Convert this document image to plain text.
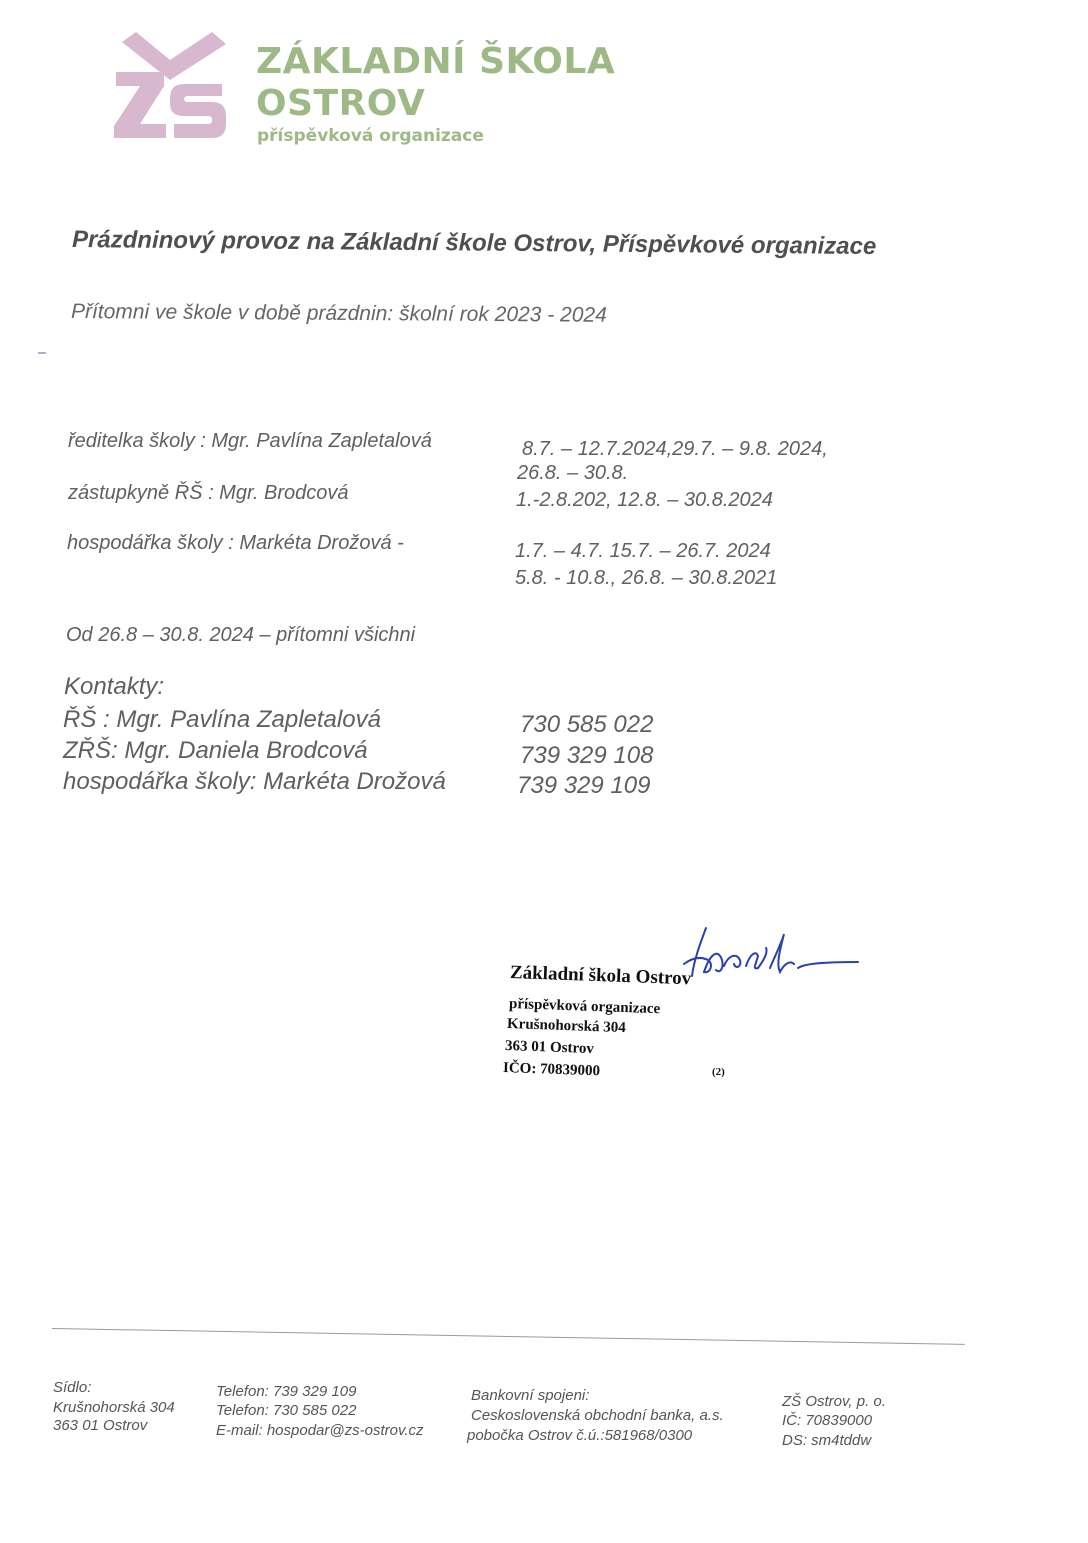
ZÁKLADNÍ ŠKOLA
OSTROV
příspěvková organizace
Prázdninový provoz na Základní škole Ostrov, Příspěvkové organizace
Přítomni ve škole v době prázdnin: školní rok 2023 - 2024
ředitelka školy : Mgr. Pavlína Zapletalová	8.7. – 12.7.2024,29.7. – 9.8. 2024,
26.8. – 30.8.
zástupkyně ŘŠ : Mgr. Brodcová	1.-2.8.202, 12.8. – 30.8.2024
hospodářka školy : Markéta Drožová -	1.7. – 4.7. 15.7. – 26.7. 2024
5.8. - 10.8., 26.8. – 30.8.2021
Od 26.8 – 30.8. 2024 – přítomni všichni
Kontakty:
ŘŠ : Mgr. Pavlína Zapletalová	730 585 022
ZŘŠ: Mgr. Daniela Brodcová	739 329 108
hospodářka školy: Markéta Drožová	739 329 109
Základní škola Ostrov
příspěvková organizace
Krušnohorská 304
363 01 Ostrov
IČO: 70839000	(2)
Sídlo:
Krušnohorská 304
363 01 Ostrov
Telefon: 739 329 109
Telefon: 730 585 022
E-mail: hospodar@zs-ostrov.cz
Bankovní spojeni:
Ceskoslovenská obchodní banka, a.s.
pobočka Ostrov č.ú.:581968/0300
ZŠ Ostrov, p. o.
IČ: 70839000
DS: sm4tddw
